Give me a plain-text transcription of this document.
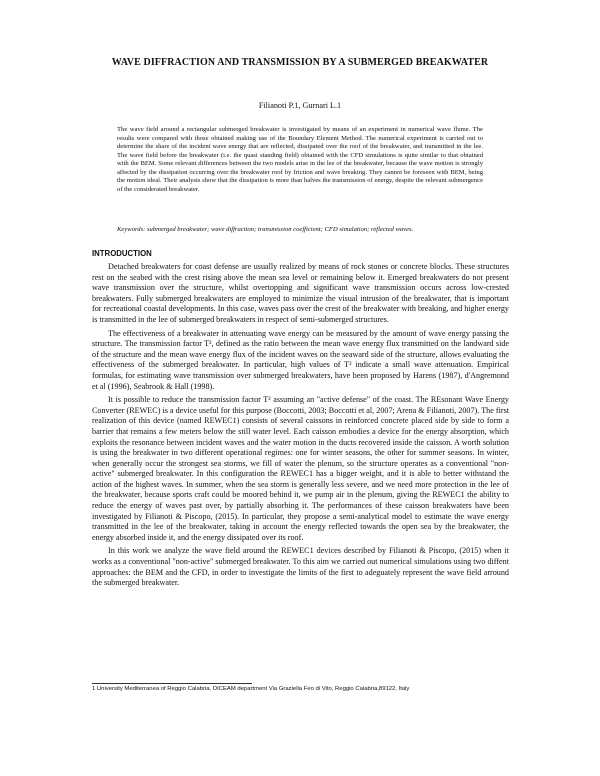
WAVE DIFFRACTION AND TRANSMISSION BY A SUBMERGED BREAKWATER
Filianoti P.1, Gurnari L.1
The wave field around a rectangular submerged breakwater is investigated by means of an experiment in numerical wave flume. The results were compared with those obtained making use of the Boundary Element Method. The numerical experiment is carried out to determine the share of the incident wave energy that are reflected, dissipated over the roof of the breakwater, and transmitted in the lee. The wave field before the breakwater (i.e. the quasi standing field) obtained with the CFD simulations is quite similar to that obtained with the BEM. Some relevant differences between the two models arise in the lee of the breakwater, because the wave motion is strongly affected by the dissipation occurring over the breakwater roof by friction and wave breaking. They cannot be foreseen with BEM, being the motion ideal. Their analysis show that the dissipation is more than halves the transmission of energy, despite the relevant submergence of the considerated breakwater.
Keywords: submerged breakwater; wave diffraction; transmission coefficient; CFD simulation; reflected waves.
INTRODUCTION

Detached breakwaters for coast defense are usually realized by means of rock stones or concrete blocks. These structures rest on the seabed with the crest rising above the mean sea level or remaining below it. Emerged breakwaters do not present wave transmission over the structure, whilst overtopping and significant wave transmission occurs across low-crested breakwaters. Fully submerged breakwaters are employed to minimize the visual intrusion of the breakwater, that is important for recreational coastal developments. In this case, waves pass over the crest of the breakwater with breaking, and higher energy is transmitted in the lee of submerged breakwaters in respect of semi-submerged structures.

The effectiveness of a breakwater in attenuating wave energy can be measured by the amount of wave energy passing the structure. The transmission factor T², defined as the ratio between the mean wave energy flux transmitted on the landward side of the structure and the mean wave energy flux of the incident waves on the seaward side of the structure, allows evaluating the effectiveness of the submerged breakwater. In particular, high values of T² indicate a small wave attenuation. Empirical formulas, for estimating wave transmission over submerged breakwaters, have been proposed by Harens (1987), d'Angremond et al (1996), Seabrook & Hall (1998).

It is possible to reduce the transmission factor T² assuming an "active defense" of the coast. The REsonant Wave Energy Converter (REWEC) is a device useful for this purpose (Boccotti, 2003; Boccotti et al, 2007; Arena & Filianoti, 2007). The first realization of this device (named REWEC1) consists of several caissons in reinforced concrete placed side by side to form a barrier that remains a few meters below the still water level. Each caisson embodies a device for the energy absorption, which exploits the resonance between incident waves and the water motion in the ducts recovered inside the caisson. A worth solution is using the breakwater in two different operational regimes: one for winter seasons, the other for summer seasons. In winter, when generally occur the strongest sea storms, we fill of water the plenum, so the structure operates as a conventional "non-active" submerged breakwater. In this configuration the REWEC1 has a bigger weight, and it is able to better withstand the action of the highest waves. In summer, when the sea storm is generally less severe, and we need more protection in the lee of the breakwater, because sports craft could be moored behind it, we pump air in the plenum, giving the REWEC1 the ability to reduce the energy of waves past over, by partially absorbing it. The performances of these caisson breakwaters have been investigated by Filianoti & Piscopo, (2015). In particular, they propose a semi-analytical model to estimate the wave energy transmitted in the lee of the breakwater, taking in account the energy reflected towards the open sea by the breakwater, the energy absorbed inside it, and the energy dissipated over its roof.

In this work we analyze the wave field around the REWEC1 devices described by Filianoti & Piscopo, (2015) when it works as a conventional "non-active" submerged breakwater. To this aim we carried out numerical simulations using two diffent approaches: the BEM and the CFD, in order to investigate the limits of the first to adeguately represent the wave field arround the submerged breakwater.

1 University Mediterranea of Reggio Calabria, DICEAM department Via Graziella Feo di Vito, Reggio Calabria,89122, Italy
